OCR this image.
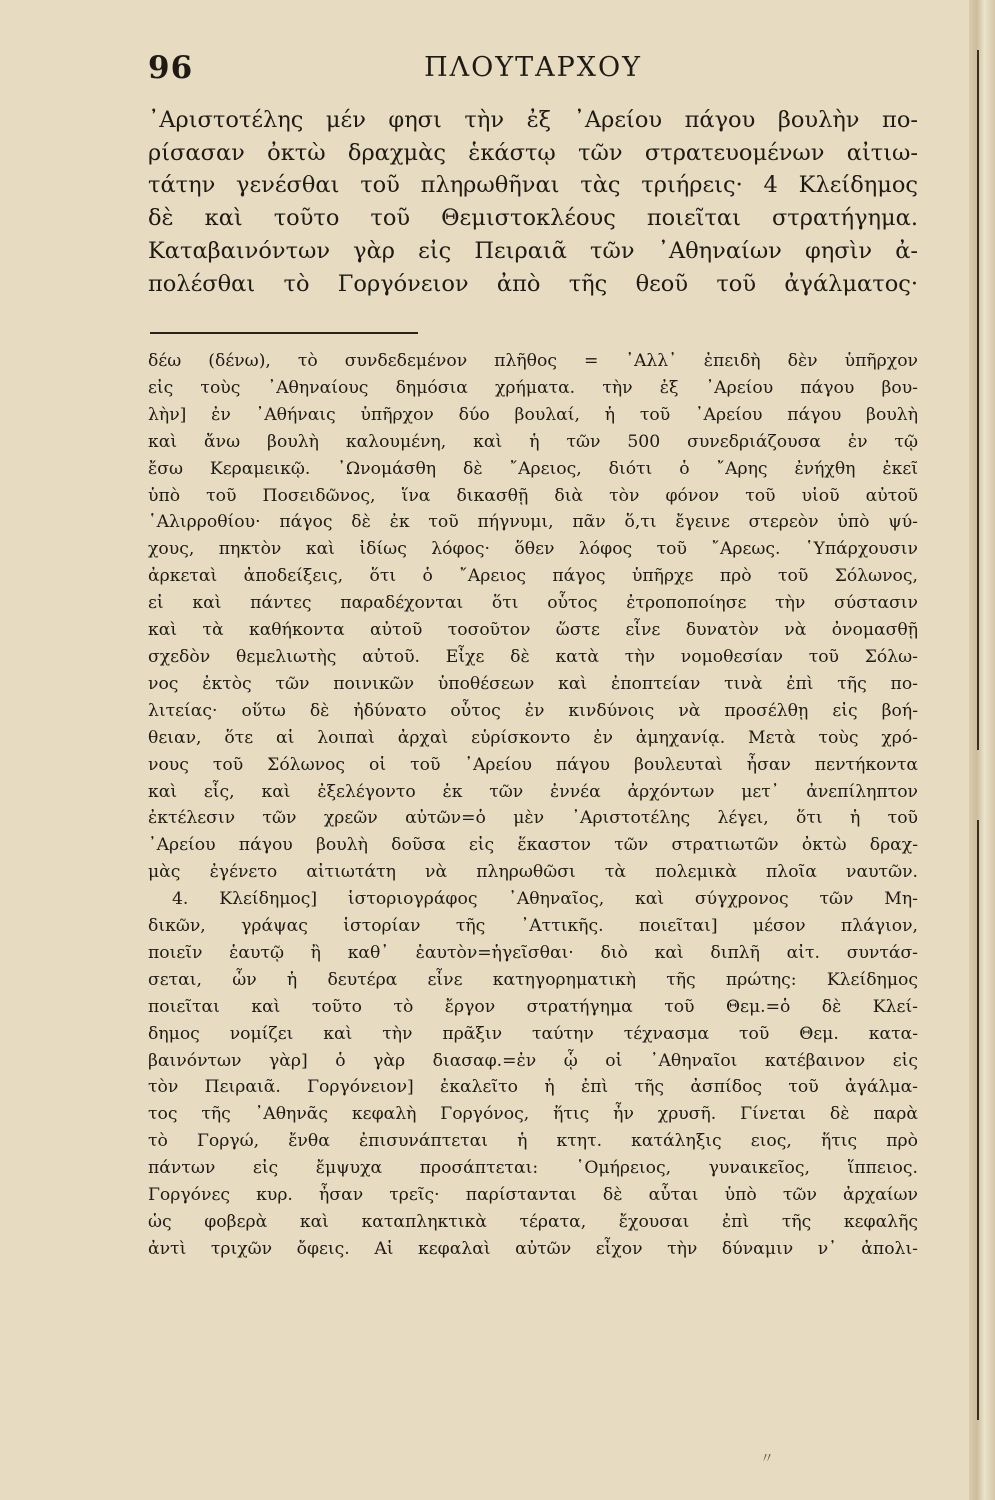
96	ΠΛΟΥΤΑΡΧΟΥ
᾿Αριστοτέλης μέν φησι τὴν ἐξ ᾿Αρείου πάγου βουλὴν πο-
ρίσασαν ὀκτὼ δραχμὰς ἑκάστῳ τῶν στρατευομένων αἰτιω-
τάτην γενέσθαι τοῦ πληρωθῆναι τὰς τριήρεις· 4 Κλείδημος
δὲ καὶ τοῦτο τοῦ Θεμιστοκλέους ποιεῖται στρατήγημα.
Καταβαινόντων γὰρ εἰς Πειραιᾶ τῶν ᾿Αθηναίων φησὶν ἀ-
πολέσθαι τὸ Γοργόνειον ἀπὸ τῆς θεοῦ τοῦ ἀγάλματος·
δέω (δένω), τὸ συνδεδεμένον πλῆθος = ᾿Αλλ᾿ ἐπειδὴ δὲν ὑπῆρχον
εἰς τοὺς ᾿Αθηναίους δημόσια χρήματα. τὴν ἐξ ᾿Αρείου πάγου βου-
λὴν] ἐν ᾿Αθήναις ὑπῆρχον δύο βουλαί, ἡ τοῦ ᾿Αρείου πάγου βουλὴ
καὶ ἄνω βουλὴ καλουμένη, καὶ ἡ τῶν 500 συνεδριάζουσα ἐν τῷ
ἔσω Κεραμεικῷ. ᾿Ωνομάσθη δὲ ῎Αρειος, διότι ὁ ῎Αρης ἐνήχθη ἐκεῖ
ὑπὸ τοῦ Ποσειδῶνος, ἵνα δικασθῇ διὰ τὸν φόνον τοῦ υἱοῦ αὐτοῦ
῾Αλιρροθίου· πάγος δὲ ἐκ τοῦ πήγνυμι, πᾶν ὅ,τι ἔγεινε στερεὸν ὑπὸ ψύ-
χους, πηκτὸν καὶ ἰδίως λόφος· ὅθεν λόφος τοῦ ῎Αρεως. ῾Υπάρχουσιν
ἀρκεταὶ ἀποδείξεις, ὅτι ὁ ῎Αρειος πάγος ὑπῆρχε πρὸ τοῦ Σόλωνος,
εἰ καὶ πάντες παραδέχονται ὅτι οὗτος ἐτροποποίησε τὴν σύστασιν
καὶ τὰ καθήκοντα αὐτοῦ τοσοῦτον ὥστε εἶνε δυνατὸν νὰ ὀνομασθῇ
σχεδὸν θεμελιωτὴς αὐτοῦ. Εἶχε δὲ κατὰ τὴν νομοθεσίαν τοῦ Σόλω-
νος ἐκτὸς τῶν ποινικῶν ὑποθέσεων καὶ ἐποπτείαν τινὰ ἐπὶ τῆς πο-
λιτείας· οὕτω δὲ ἠδύνατο οὗτος ἐν κινδύνοις νὰ προσέλθῃ εἰς βοή-
θειαν, ὅτε αἱ λοιπαὶ ἀρχαὶ εὑρίσκοντο ἐν ἀμηχανίᾳ. Μετὰ τοὺς χρό-
νους τοῦ Σόλωνος οἱ τοῦ ᾿Αρείου πάγου βουλευταὶ ἦσαν πεντήκοντα
καὶ εἷς, καὶ ἐξελέγοντο ἐκ τῶν ἐννέα ἀρχόντων μετ᾿ ἀνεπίληπτον
ἐκτέλεσιν τῶν χρεῶν αὐτῶν=ὁ μὲν ᾿Αριστοτέλης λέγει, ὅτι ἡ τοῦ
᾿Αρείου πάγου βουλὴ δοῦσα εἰς ἕκαστον τῶν στρατιωτῶν ὀκτὼ δραχ-
μὰς ἐγένετο αἰτιωτάτη νὰ πληρωθῶσι τὰ πολεμικὰ πλοῖα ναυτῶν.
4. Κλείδημος] ἱστοριογράφος ᾿Αθηναῖος, καὶ σύγχρονος τῶν Μη-
δικῶν, γράψας ἱστορίαν τῆς ᾿Αττικῆς. ποιεῖται] μέσον πλάγιον,
ποιεῖν ἑαυτῷ ἢ καθ᾿ ἑαυτὸν=ἡγεῖσθαι· διὸ καὶ διπλῆ αἰτ. συντάσ-
σεται, ὧν ἡ δευτέρα εἶνε κατηγορηματικὴ τῆς πρώτης: Κλείδημος
ποιεῖται καὶ τοῦτο τὸ ἔργον στρατήγημα τοῦ Θεμ.=ὁ δὲ Κλεί-
δημος νομίζει καὶ τὴν πρᾶξιν ταύτην τέχνασμα τοῦ Θεμ. κατα-
βαινόντων γὰρ] ὁ γὰρ διασαφ.=ἐν ᾧ οἱ ᾿Αθηναῖοι κατέβαινον εἰς
τὸν Πειραιᾶ. Γοργόνειον] ἐκαλεῖτο ἡ ἐπὶ τῆς ἀσπίδος τοῦ ἀγάλμα-
τος τῆς ᾿Αθηνᾶς κεφαλὴ Γοργόνος, ἥτις ἦν χρυσῆ. Γίνεται δὲ παρὰ
τὸ Γοργώ, ἔνθα ἐπισυνάπτεται ἡ κτητ. κατάληξις ειος, ἥτις πρὸ
πάντων εἰς ἔμψυχα προσάπτεται: ῾Ομήρειος, γυναικεῖος, ἵππειος.
Γοργόνες κυρ. ἦσαν τρεῖς· παρίστανται δὲ αὗται ὑπὸ τῶν ἀρχαίων
ὡς φοβερὰ καὶ καταπληκτικὰ τέρατα, ἔχουσαι ἐπὶ τῆς κεφαλῆς
ἀντὶ τριχῶν ὄφεις. Αἱ κεφαλαὶ αὐτῶν εἶχον τὴν δύναμιν ν᾿ ἀπολι-
〃
